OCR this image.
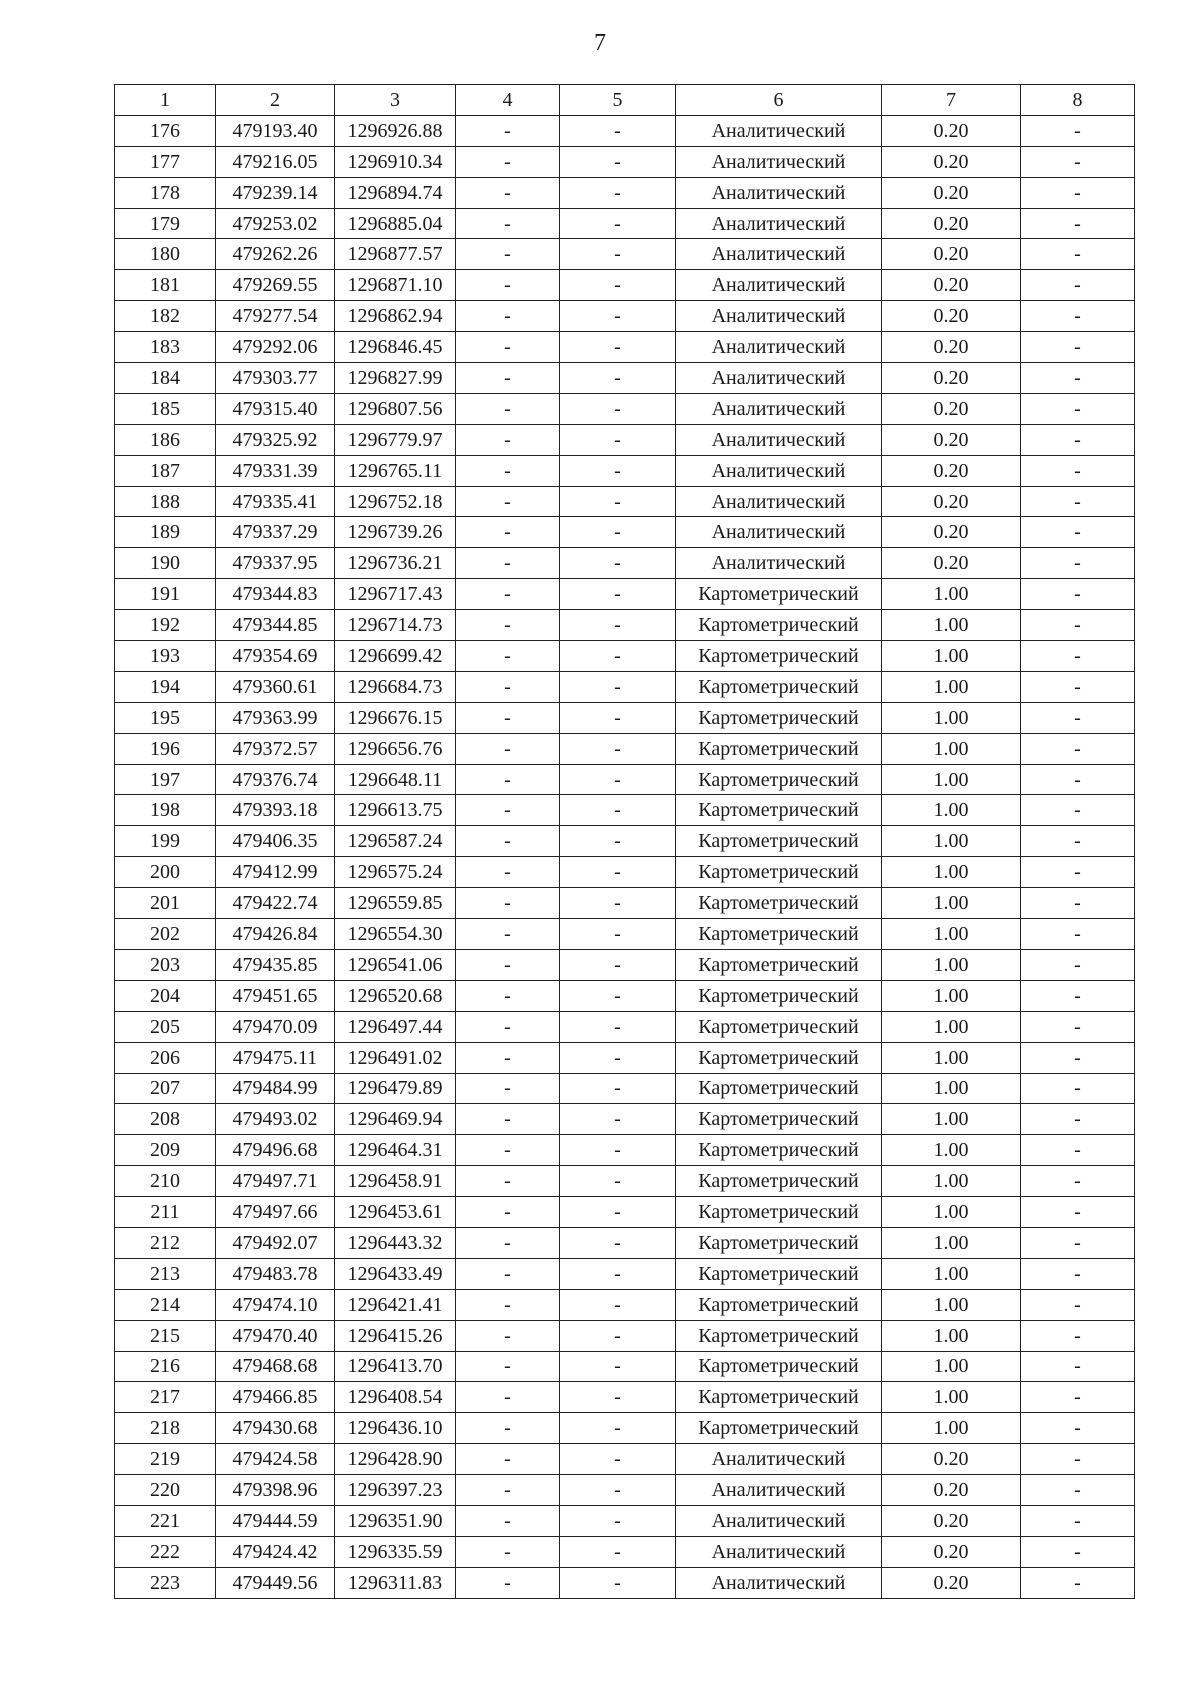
7
1	2	3	4	5	6	7	8
176	479193.40	1296926.88	-	-	Аналитический	0.20	-
177	479216.05	1296910.34	-	-	Аналитический	0.20	-
178	479239.14	1296894.74	-	-	Аналитический	0.20	-
179	479253.02	1296885.04	-	-	Аналитический	0.20	-
180	479262.26	1296877.57	-	-	Аналитический	0.20	-
181	479269.55	1296871.10	-	-	Аналитический	0.20	-
182	479277.54	1296862.94	-	-	Аналитический	0.20	-
183	479292.06	1296846.45	-	-	Аналитический	0.20	-
184	479303.77	1296827.99	-	-	Аналитический	0.20	-
185	479315.40	1296807.56	-	-	Аналитический	0.20	-
186	479325.92	1296779.97	-	-	Аналитический	0.20	-
187	479331.39	1296765.11	-	-	Аналитический	0.20	-
188	479335.41	1296752.18	-	-	Аналитический	0.20	-
189	479337.29	1296739.26	-	-	Аналитический	0.20	-
190	479337.95	1296736.21	-	-	Аналитический	0.20	-
191	479344.83	1296717.43	-	-	Картометрический	1.00	-
192	479344.85	1296714.73	-	-	Картометрический	1.00	-
193	479354.69	1296699.42	-	-	Картометрический	1.00	-
194	479360.61	1296684.73	-	-	Картометрический	1.00	-
195	479363.99	1296676.15	-	-	Картометрический	1.00	-
196	479372.57	1296656.76	-	-	Картометрический	1.00	-
197	479376.74	1296648.11	-	-	Картометрический	1.00	-
198	479393.18	1296613.75	-	-	Картометрический	1.00	-
199	479406.35	1296587.24	-	-	Картометрический	1.00	-
200	479412.99	1296575.24	-	-	Картометрический	1.00	-
201	479422.74	1296559.85	-	-	Картометрический	1.00	-
202	479426.84	1296554.30	-	-	Картометрический	1.00	-
203	479435.85	1296541.06	-	-	Картометрический	1.00	-
204	479451.65	1296520.68	-	-	Картометрический	1.00	-
205	479470.09	1296497.44	-	-	Картометрический	1.00	-
206	479475.11	1296491.02	-	-	Картометрический	1.00	-
207	479484.99	1296479.89	-	-	Картометрический	1.00	-
208	479493.02	1296469.94	-	-	Картометрический	1.00	-
209	479496.68	1296464.31	-	-	Картометрический	1.00	-
210	479497.71	1296458.91	-	-	Картометрический	1.00	-
211	479497.66	1296453.61	-	-	Картометрический	1.00	-
212	479492.07	1296443.32	-	-	Картометрический	1.00	-
213	479483.78	1296433.49	-	-	Картометрический	1.00	-
214	479474.10	1296421.41	-	-	Картометрический	1.00	-
215	479470.40	1296415.26	-	-	Картометрический	1.00	-
216	479468.68	1296413.70	-	-	Картометрический	1.00	-
217	479466.85	1296408.54	-	-	Картометрический	1.00	-
218	479430.68	1296436.10	-	-	Картометрический	1.00	-
219	479424.58	1296428.90	-	-	Аналитический	0.20	-
220	479398.96	1296397.23	-	-	Аналитический	0.20	-
221	479444.59	1296351.90	-	-	Аналитический	0.20	-
222	479424.42	1296335.59	-	-	Аналитический	0.20	-
223	479449.56	1296311.83	-	-	Аналитический	0.20	-
